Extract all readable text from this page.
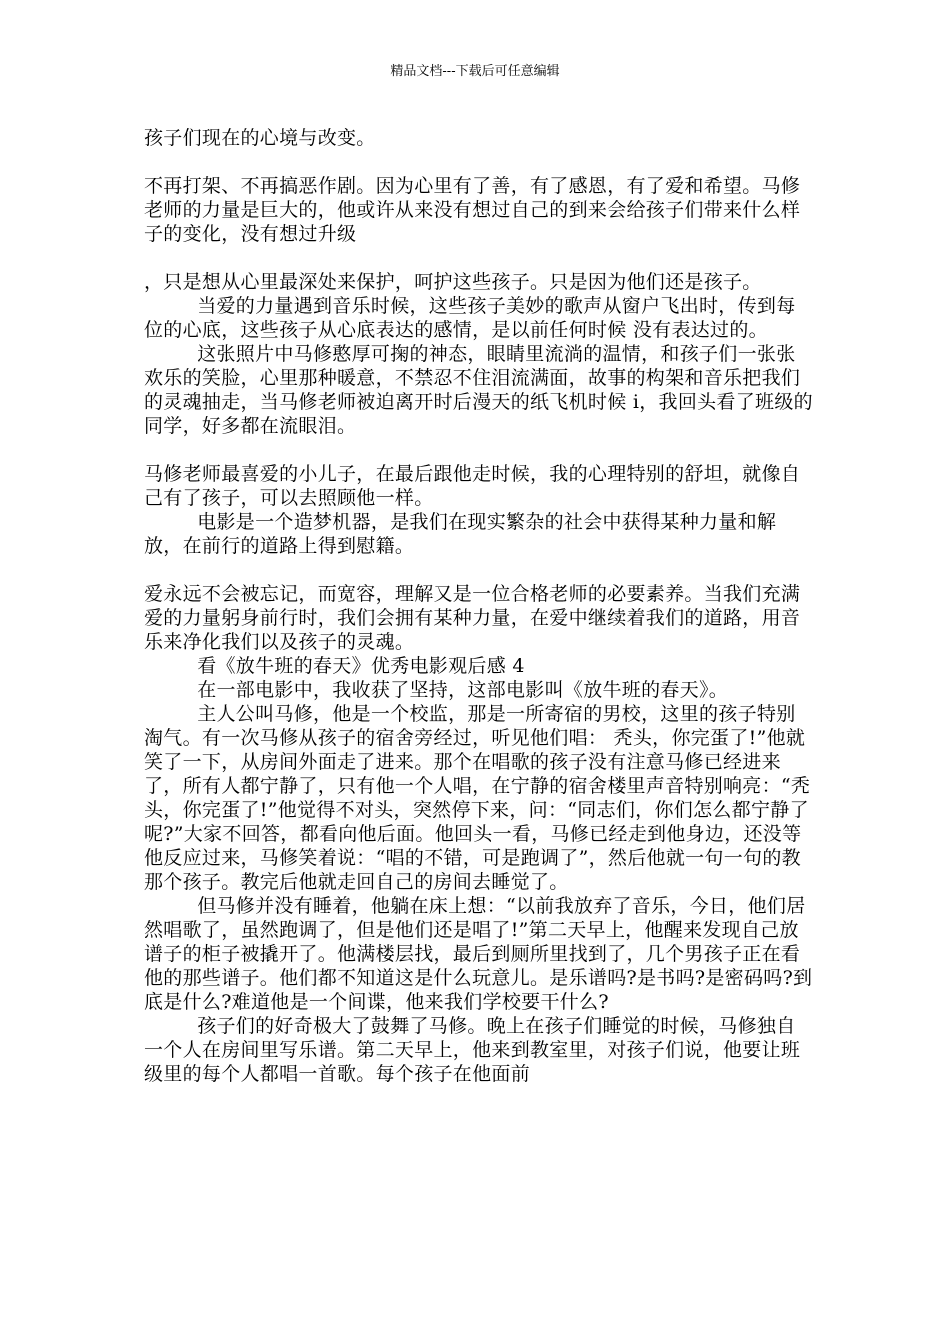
精品文档---下载后可任意编辑

孩子们现在的心境与改变。

不再打架、不再搞恶作剧。因为心里有了善，有了感恩，有了爱和希望。马修老师的力量是巨大的，他或许从来没有想过自己的到来会给孩子们带来什么样子的变化，没有想过升级

，只是想从心里最深处来保护，呵护这些孩子。只是因为他们还是孩子。

当爱的力量遇到音乐时候，这些孩子美妙的歌声从窗户飞出时，传到每位的心底，这些孩子从心底表达的感情，是以前任何时候 没有表达过的。

这张照片中马修憨厚可掬的神态，眼睛里流淌的温情，和孩子们一张张欢乐的笑脸，心里那种暖意，不禁忍不住泪流满面，故事的构架和音乐把我们的灵魂抽走，当马修老师被迫离开时后漫天的纸飞机时候 i，我回头看了班级的同学，好多都在流眼泪。

马修老师最喜爱的小儿子，在最后跟他走时候，我的心理特别的舒坦，就像自己有了孩子，可以去照顾他一样。

电影是一个造梦机器，是我们在现实繁杂的社会中获得某种力量和解放，在前行的道路上得到慰籍。

爱永远不会被忘记，而宽容，理解又是一位合格老师的必要素养。当我们充满爱的力量躬身前行时，我们会拥有某种力量，在爱中继续着我们的道路，用音乐来净化我们以及孩子的灵魂。

看《放牛班的春天》优秀电影观后感 4

在一部电影中，我收获了坚持，这部电影叫《放牛班的春天》。

主人公叫马修，他是一个校监，那是一所寄宿的男校，这里的孩子特别淘气。有一次马修从孩子的宿舍旁经过，听见他们唱： 秃头，你完蛋了!”他就笑了一下，从房间外面走了进来。那个在唱歌的孩子没有注意马修已经进来了，所有人都宁静了，只有他一个人唱，在宁静的宿舍楼里声音特别响亮：“秃头，你完蛋了!”他觉得不对头，突然停下来，问：“同志们，你们怎么都宁静了呢?”大家不回答，都看向他后面。他回头一看，马修已经走到他身边，还没等他反应过来，马修笑着说：“唱的不错，可是跑调了”，然后他就一句一句的教那个孩子。教完后他就走回自己的房间去睡觉了。

但马修并没有睡着，他躺在床上想：“以前我放弃了音乐，今日，他们居然唱歌了，虽然跑调了，但是他们还是唱了!”第二天早上，他醒来发现自己放谱子的柜子被撬开了。他满楼层找，最后到厕所里找到了，几个男孩子正在看他的那些谱子。他们都不知道这是什么玩意儿。是乐谱吗?是书吗?是密码吗?到底是什么?难道他是一个间谍，他来我们学校要干什么?

孩子们的好奇极大了鼓舞了马修。晚上在孩子们睡觉的时候，马修独自一个人在房间里写乐谱。第二天早上，他来到教室里，对孩子们说，他要让班级里的每个人都唱一首歌。每个孩子在他面前
